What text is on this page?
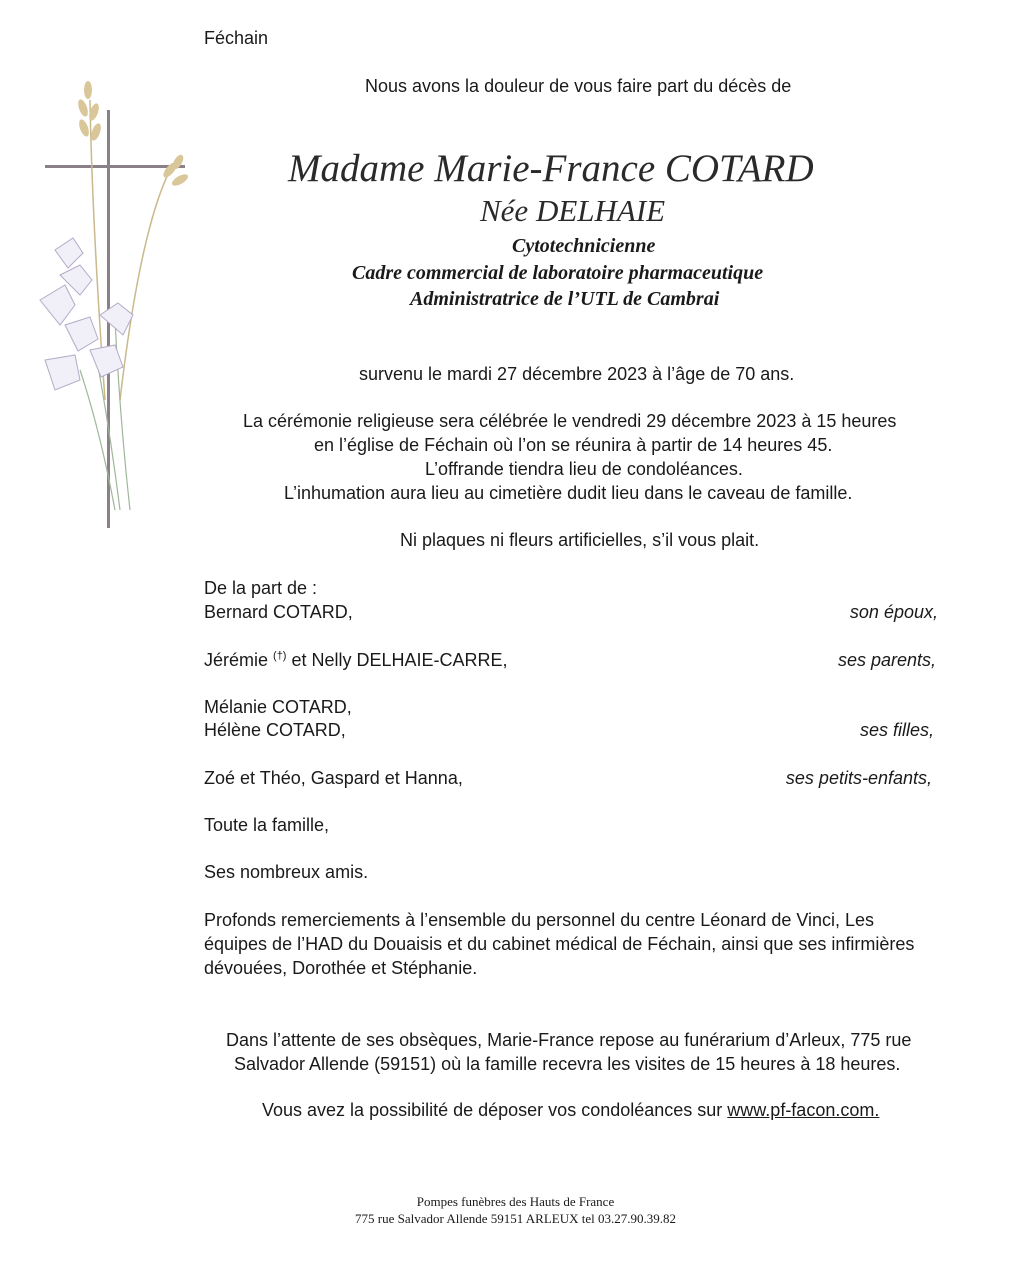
Féchain
Nous avons la douleur de vous faire part du décès de
Madame Marie-France COTARD
Née DELHAIE
Cytotechnicienne
Cadre commercial de laboratoire pharmaceutique
Administratrice de l’UTL de Cambrai
survenu le mardi 27 décembre 2023 à l’âge de 70 ans.
La cérémonie religieuse sera célébrée le vendredi 29 décembre 2023 à 15 heures
en l’église de Féchain où l’on se réunira à partir de 14 heures 45.
L’offrande tiendra lieu de condoléances.
L’inhumation aura lieu au cimetière dudit lieu dans le caveau de famille.
Ni plaques ni fleurs artificielles, s’il vous plait.
De la part de :
Bernard COTARD,	son époux,
Jérémie (†) et Nelly DELHAIE-CARRE,	ses parents,
Mélanie COTARD,
Hélène COTARD,	ses filles,
Zoé et Théo, Gaspard et Hanna,	ses petits-enfants,
Toute la famille,
Ses nombreux amis.
Profonds remerciements à l’ensemble du personnel du centre Léonard de Vinci, Les
équipes de l’HAD du Douaisis et du cabinet médical de Féchain, ainsi que ses infirmières
dévouées, Dorothée et Stéphanie.
Dans l’attente de ses obsèques, Marie-France repose au funérarium d’Arleux, 775 rue
Salvador Allende (59151) où la famille recevra les visites de 15 heures à 18 heures.
Vous avez la possibilité de déposer vos condoléances sur www.pf-facon.com.
Pompes funèbres des Hauts de France
775 rue Salvador Allende 59151 ARLEUX tel 03.27.90.39.82
